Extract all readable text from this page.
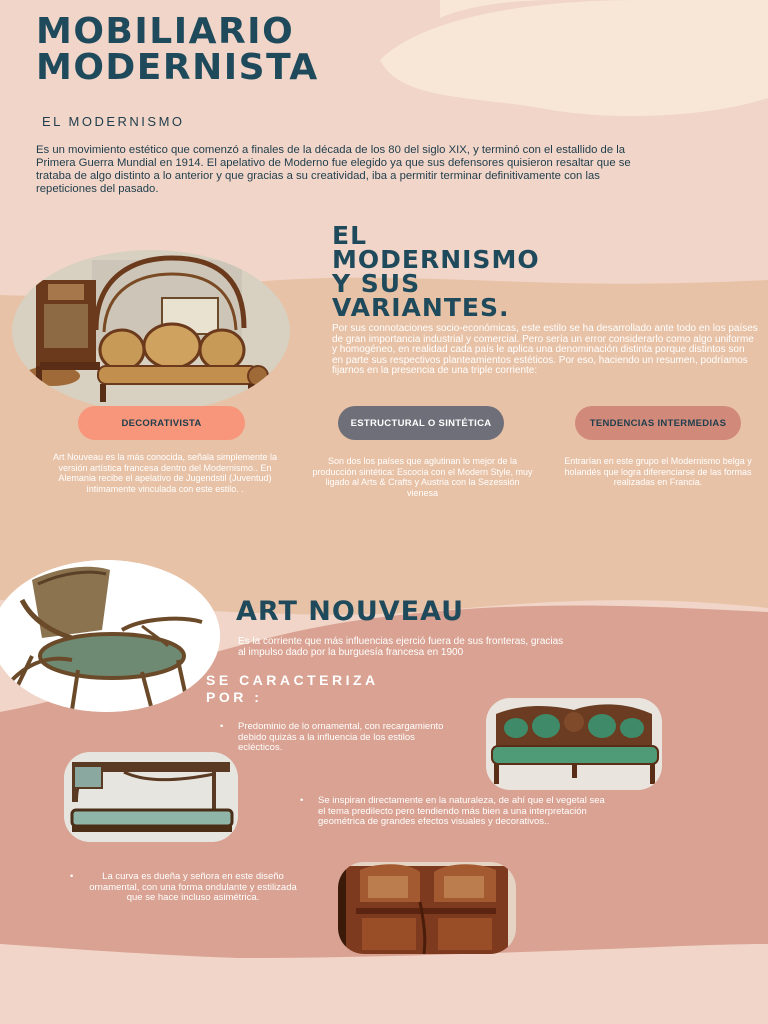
MOBILIARIO
MODERNISTA
EL MODERNISMO

Es un movimiento estético que comenzó a finales de la década de los 80 del siglo XIX, y terminó con el estallido de la Primera Guerra Mundial en 1914. El apelativo de Moderno fue elegido ya que sus defensores quisieron resaltar que se trataba de algo distinto a lo anterior y que gracias a su creatividad, iba a permitir terminar definitivamente con las repeticiones del pasado.

EL
MODERNISMO
Y SUS
VARIANTES.

Por sus connotaciones socio-económicas, este estilo se ha desarrollado ante todo en los países de gran importancia industrial y comercial. Pero sería un error considerarlo como algo uniforme y homogéneo, en realidad cada país le aplica una denominación distinta porque distintos son en parte sus respectivos planteamientos estéticos. Por eso, haciendo un resumen, podríamos fijarnos en la presencia de una triple corriente:

DECORATIVISTA	ESTRUCTURAL O SINTÉTICA	TENDENCIAS INTERMEDIAS

Art Nouveau es la más conocida, señala simplemente la versión artística francesa dentro del Modernismo.. En Alemania recibe el apelativo de Jugendstil (Juventud) íntimamente vinculada con este estilo. .

Son dos los países que aglutinan lo mejor de la producción sintética: Escocia con el Modern Style, muy ligado al Arts & Crafts y Austria con la Sezessión vienesa

Entrarían en este grupo el Modernismo belga y holandés que logra diferenciarse de las formas realizadas en Francia.

ART NOUVEAU

Es la corriente que más influencias ejerció fuera de sus fronteras, gracias al impulso dado por la burguesía francesa en 1900

SE CARACTERIZA
POR :
• Predominio de lo ornamental, con recargamiento debido quizás a la influencia de los estilos eclécticos.
• Se inspiran directamente en la naturaleza, de ahí que el vegetal sea el tema predilecto pero tendiendo más bien a una interpretación geométrica de grandes efectos visuales y decorativos..
•	La curva es dueña y señora en este diseño ornamental, con una forma ondulante y estilizada que se hace incluso asimétrica.
